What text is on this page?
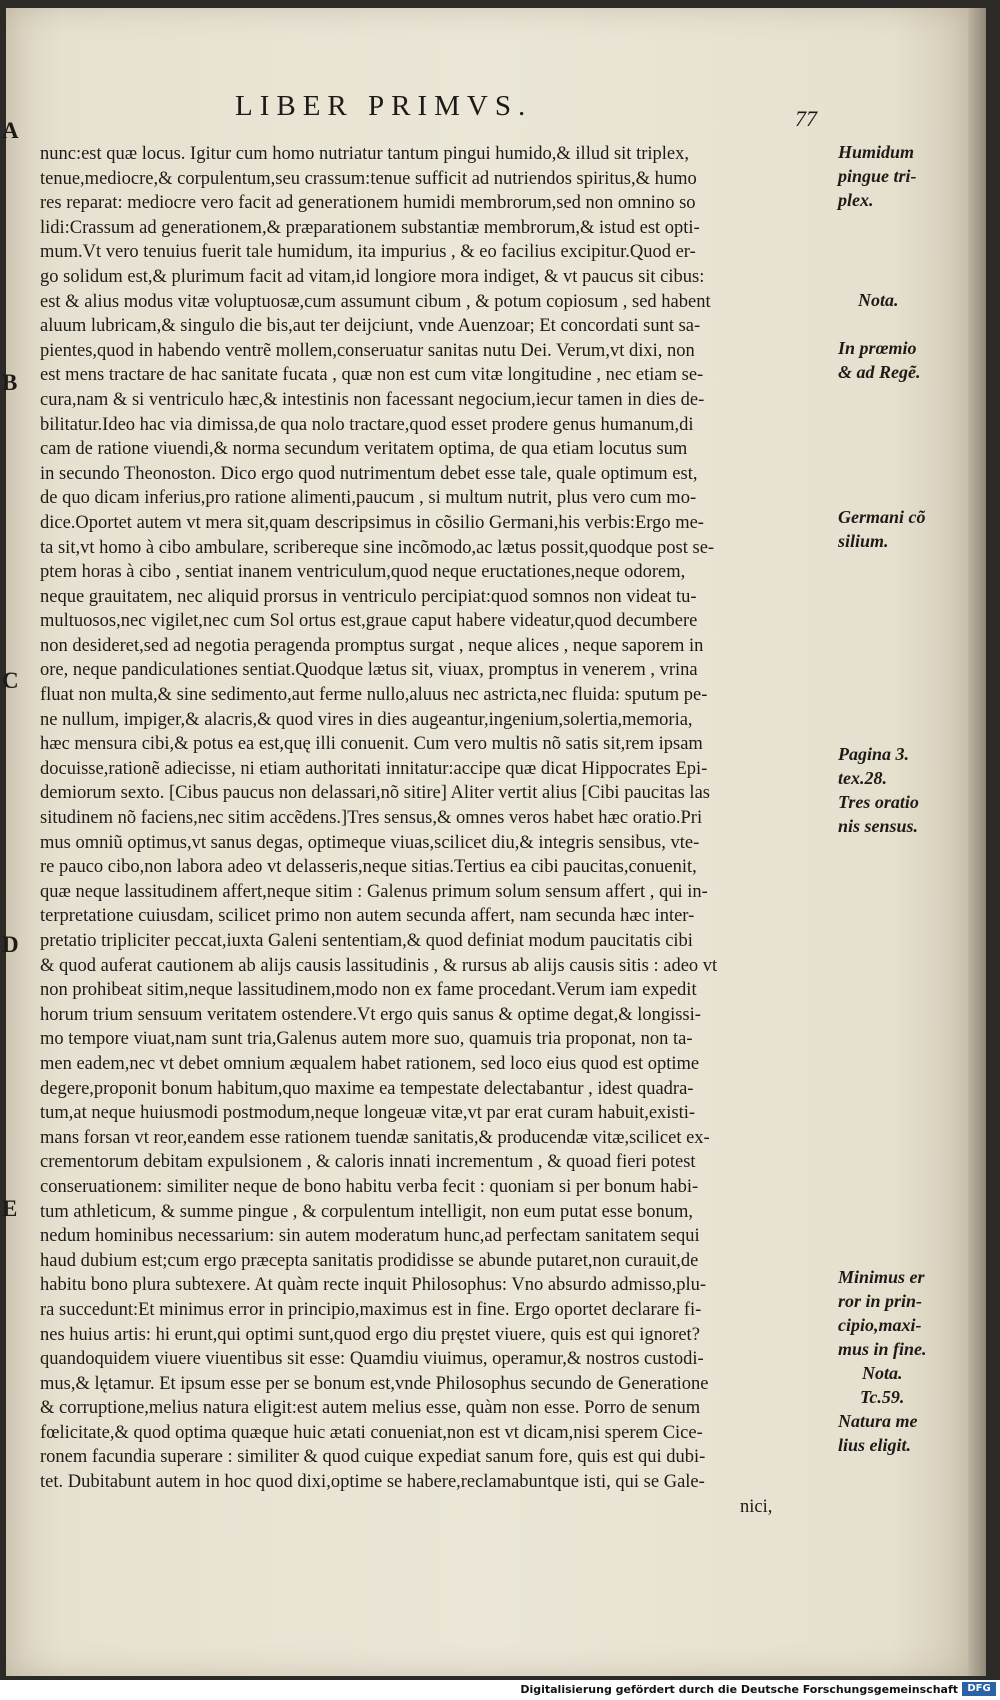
LIBER PRIMVS.	77
A
B
C
D
E
nunc:est quæ locus. Igitur cum homo nutriatur tantum pingui humido,& illud sit triplex,
tenue,mediocre,& corpulentum,seu crassum:tenue sufficit ad nutriendos spiritus,& humo
res reparat: mediocre vero facit ad generationem humidi membrorum,sed non omnino so
lidi:Crassum ad generationem,& præparationem substantiæ membrorum,& istud est opti-
mum.Vt vero tenuius fuerit tale humidum, ita impurius , & eo facilius excipitur.Quod er-
go solidum est,& plurimum facit ad vitam,id longiore mora indiget, & vt paucus sit cibus:
est & alius modus vitæ voluptuosæ,cum assumunt cibum , & potum copiosum , sed habent
aluum lubricam,& singulo die bis,aut ter deijciunt, vnde Auenzoar; Et concordati sunt sa-
pientes,quod in habendo ventrẽ mollem,conseruatur sanitas nutu Dei. Verum,vt dixi, non
est mens tractare de hac sanitate fucata , quæ non est cum vitæ longitudine , nec etiam se-
cura,nam & si ventriculo hæc,& intestinis non facessant negocium,iecur tamen in dies de-
bilitatur.Ideo hac via dimissa,de qua nolo tractare,quod esset prodere genus humanum,di
cam de ratione viuendi,& norma secundum veritatem optima, de qua etiam locutus sum
in secundo Theonoston. Dico ergo quod nutrimentum debet esse tale, quale optimum est,
de quo dicam inferius,pro ratione alimenti,paucum , si multum nutrit, plus vero cum mo-
dice.Oportet autem vt mera sit,quam descripsimus in cõsilio Germani,his verbis:Ergo me-
ta sit,vt homo à cibo ambulare, scribereque sine incõmodo,ac lætus possit,quodque post se-
ptem horas à cibo , sentiat inanem ventriculum,quod neque eructationes,neque odorem,
neque grauitatem, nec aliquid prorsus in ventriculo percipiat:quod somnos non videat tu-
multuosos,nec vigilet,nec cum Sol ortus est,graue caput habere videatur,quod decumbere
non desideret,sed ad negotia peragenda promptus surgat , neque alices , neque saporem in
ore, neque pandiculationes sentiat.Quodque lætus sit, viuax, promptus in venerem , vrina
fluat non multa,& sine sedimento,aut ferme nullo,aluus nec astricta,nec fluida: sputum pe-
ne nullum, impiger,& alacris,& quod vires in dies augeantur,ingenium,solertia,memoria,
hæc mensura cibi,& potus ea est,quę illi conuenit. Cum vero multis nõ satis sit,rem ipsam
docuisse,rationẽ adiecisse, ni etiam authoritati innitatur:accipe quæ dicat Hippocrates Epi-
demiorum sexto. [Cibus paucus non delassari,nõ sitire] Aliter vertit alius [Cibi paucitas las
situdinem nõ faciens,nec sitim accẽdens.]Tres sensus,& omnes veros habet hæc oratio.Pri
mus omniũ optimus,vt sanus degas, optimeque viuas,scilicet diu,& integris sensibus, vte-
re pauco cibo,non labora adeo vt delasseris,neque sitias.Tertius ea cibi paucitas,conuenit,
quæ neque lassitudinem affert,neque sitim : Galenus primum solum sensum affert , qui in-
terpretatione cuiusdam, scilicet primo non autem secunda affert, nam secunda hæc inter-
pretatio tripliciter peccat,iuxta Galeni sententiam,& quod definiat modum paucitatis cibi
& quod auferat cautionem ab alijs causis lassitudinis , & rursus ab alijs causis sitis : adeo vt
non prohibeat sitim,neque lassitudinem,modo non ex fame procedant.Verum iam expedit
horum trium sensuum veritatem ostendere.Vt ergo quis sanus & optime degat,& longissi-
mo tempore viuat,nam sunt tria,Galenus autem more suo, quamuis tria proponat, non ta-
men eadem,nec vt debet omnium æqualem habet rationem, sed loco eius quod est optime
degere,proponit bonum habitum,quo maxime ea tempestate delectabantur , idest quadra-
tum,at neque huiusmodi postmodum,neque longeuæ vitæ,vt par erat curam habuit,existi-
mans forsan vt reor,eandem esse rationem tuendæ sanitatis,& producendæ vitæ,scilicet ex-
crementorum debitam expulsionem , & caloris innati incrementum , & quoad fieri potest
conseruationem: similiter neque de bono habitu verba fecit : quoniam si per bonum habi-
tum athleticum, & summe pingue , & corpulentum intelligit, non eum putat esse bonum,
nedum hominibus necessarium: sin autem moderatum hunc,ad perfectam sanitatem sequi
haud dubium est;cum ergo præcepta sanitatis prodidisse se abunde putaret,non curauit,de
habitu bono plura subtexere. At quàm recte inquit Philosophus: Vno absurdo admisso,plu-
ra succedunt:Et minimus error in principio,maximus est in fine. Ergo oportet declarare fi-
nes huius artis: hi erunt,qui optimi sunt,quod ergo diu pręstet viuere, quis est qui ignoret?
quandoquidem viuere viuentibus sit esse: Quamdiu viuimus, operamur,& nostros custodi-
mus,& lętamur. Et ipsum esse per se bonum est,vnde Philosophus secundo de Generatione
& corruptione,melius natura eligit:est autem melius esse, quàm non esse. Porro de senum
fœlicitate,& quod optima quæque huic ætati conueniat,non est vt dicam,nisi sperem Cice-
ronem facundia superare : similiter & quod cuique expediat sanum fore, quis est qui dubi-
tet. Dubitabunt autem in hoc quod dixi,optime se habere,reclamabuntque isti, qui se Gale-
nici,
Humidum
pingue tri-
plex.
Nota.
In prœmio
& ad Regẽ.
Germani cõ
silium.
Pagina 3.
tex.28.
Tres oratio
nis sensus.
Minimus er
ror in prin-
cipio,maxi-
mus in fine.
Nota.
Tc.59.
Natura me
lius eligit.
Digitalisierung gefördert durch die Deutsche Forschungsgemeinschaft DFG
